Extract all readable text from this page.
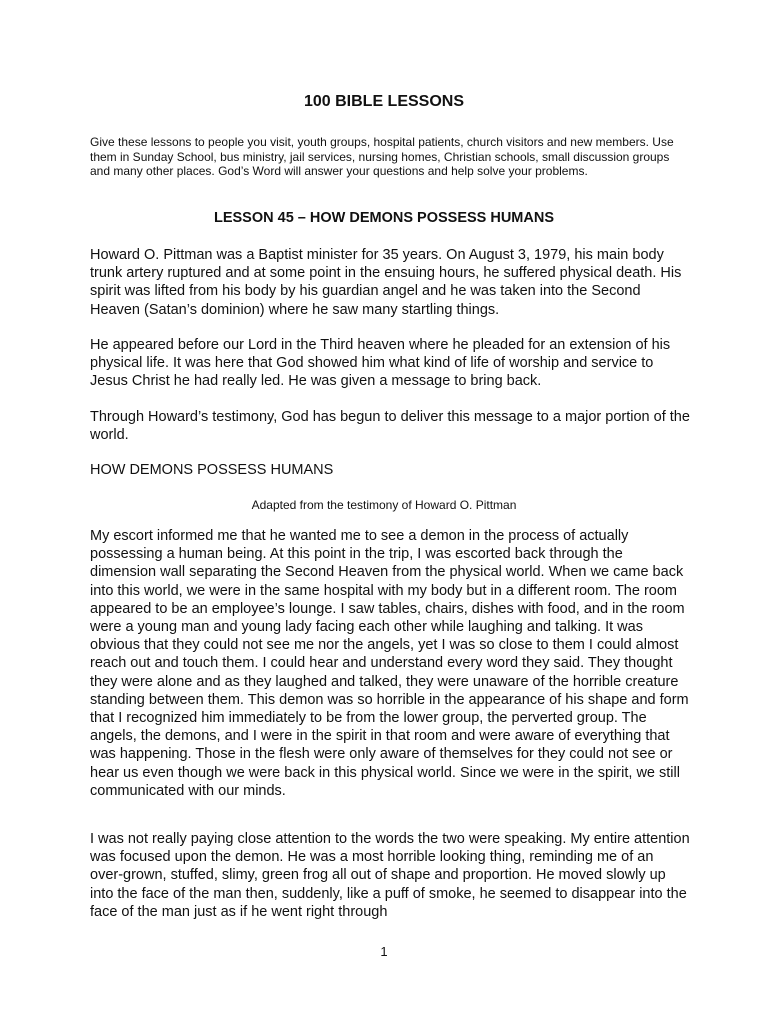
100 BIBLE LESSONS
Give these lessons to people you visit, youth groups, hospital patients, church visitors and new members. Use them in Sunday School, bus ministry, jail services, nursing homes, Christian schools, small discussion groups and many other places. God’s Word will answer your questions and help solve your problems.
LESSON 45 – HOW DEMONS POSSESS HUMANS

Howard O. Pittman was a Baptist minister for 35 years. On August 3, 1979, his main body trunk artery ruptured and at some point in the ensuing hours, he suffered physical death. His spirit was lifted from his body by his guardian angel and he was taken into the Second Heaven (Satan’s dominion) where he saw many startling things.

He appeared before our Lord in the Third heaven where he pleaded for an extension of his physical life. It was here that God showed him what kind of life of worship and service to Jesus Christ he had really led. He was given a message to bring back.

Through Howard’s testimony, God has begun to deliver this message to a major portion of the world.

HOW DEMONS POSSESS HUMANS
Adapted from the testimony of Howard O. Pittman

My escort informed me that he wanted me to see a demon in the process of actually possessing a human being. At this point in the trip, I was escorted back through the dimension wall separating the Second Heaven from the physical world. When we came back into this world, we were in the same hospital with my body but in a different room. The room appeared to be an employee’s lounge. I saw tables, chairs, dishes with food, and in the room were a young man and young lady facing each other while laughing and talking. It was obvious that they could not see me nor the angels, yet I was so close to them I could almost reach out and touch them. I could hear and understand every word they said. They thought they were alone and as they laughed and talked, they were unaware of the horrible creature standing between them. This demon was so horrible in the appearance of his shape and form that I recognized him immediately to be from the lower group, the perverted group. The angels, the demons, and I were in the spirit in that room and were aware of everything that was happening. Those in the flesh were only aware of themselves for they could not see or hear us even though we were back in this physical world. Since we were in the spirit, we still communicated with our minds.

I was not really paying close attention to the words the two were speaking. My entire attention was focused upon the demon. He was a most horrible looking thing, reminding me of an over-grown, stuffed, slimy, green frog all out of shape and proportion. He moved slowly up into the face of the man then, suddenly, like a puff of smoke, he seemed to disappear into the face of the man just as if he went right through

1
